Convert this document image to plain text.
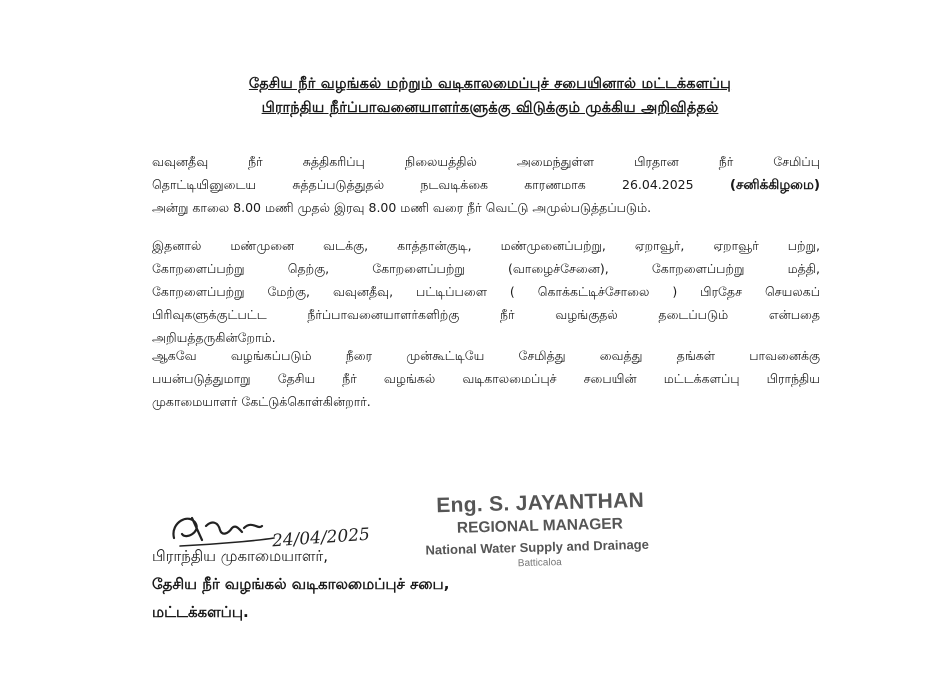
தேசிய நீர் வழங்கல் மற்றும் வடிகாலமைப்புச் சபையினால் மட்டக்களப்பு
பிராந்திய நீர்ப்பாவனையாளர்களுக்கு விடுக்கும் முக்கிய அறிவித்தல்
வவுனதீவு நீர் சுத்திகரிப்பு நிலையத்தில் அமைந்துள்ள பிரதான நீர் சேமிப்பு
தொட்டியினுடைய சுத்தப்படுத்துதல் நடவடிக்கை காரணமாக 26.04.2025	(சனிக்கிழமை)
அன்று காலை 8.00 மணி முதல் இரவு 8.00 மணி வரை நீர் வெட்டு அமுல்படுத்தப்படும்.
இதனால் மண்முனை வடக்கு, காத்தான்குடி, மண்முனைப்பற்று, ஏறாவூர், ஏறாவூர் பற்று,
கோறளைப்பற்று தெற்கு, கோறளைப்பற்று (வாழைச்சேனை), கோறளைப்பற்று மத்தி,
கோறளைப்பற்று மேற்கு, வவுனதீவு, பட்டிப்பளை ( கொக்கட்டிச்சோலை ) பிரதேச செயலகப்
பிரிவுகளுக்குட்பட்ட நீர்ப்பாவனையாளர்களிற்கு நீர் வழங்குதல் தடைப்படும் என்பதை
அறியத்தருகின்றோம்.
ஆகவே வழங்கப்படும் நீரை முன்கூட்டியே சேமித்து வைத்து தங்கள் பாவனைக்கு
பயன்படுத்துமாறு தேசிய நீர் வழங்கல் வடிகாலமைப்புச் சபையின் மட்டக்களப்பு பிராந்திய
முகாமையாளர் கேட்டுக்கொள்கின்றார்.
24/04/2025
Eng. S. JAYANTHAN
REGIONAL MANAGER
National Water Supply and Drainage
Batticaloa
பிராந்திய முகாமையாளர்,
தேசிய நீர் வழங்கல் வடிகாலமைப்புச் சபை,
மட்டக்களப்பு.
